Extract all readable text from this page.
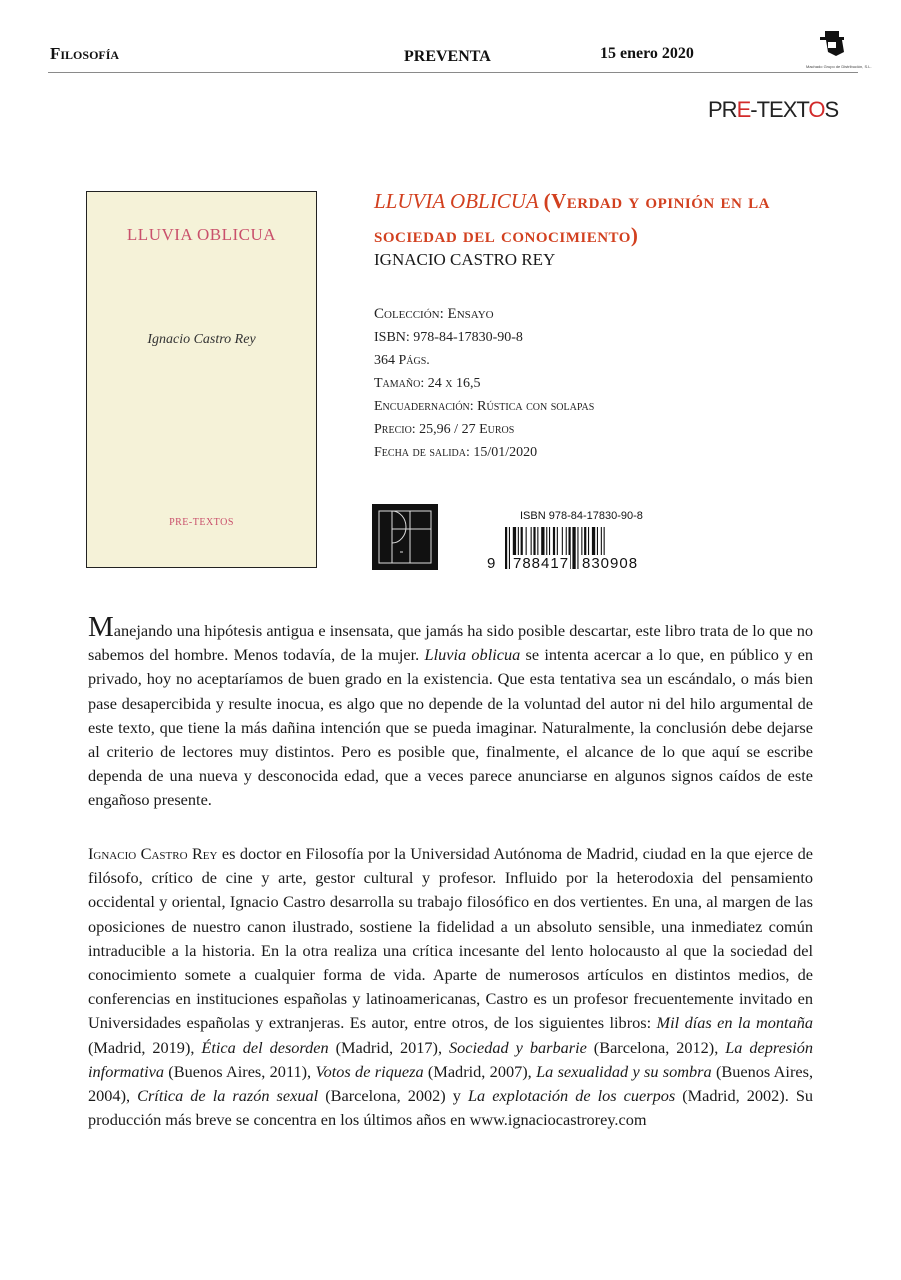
Filosofía	PREVENTA	15 enero 2020
Machado Grupo de Distribución, S.L.
PRE-TEXTOS
LLUVIA OBLICUA
Ignacio Castro Rey
PRE-TEXTOS
LLUVIA OBLICUA (Verdad y opinión en la sociedad del conocimiento)
IGNACIO CASTRO REY
Colección: Ensayo
ISBN: 978-84-17830-90-8
364 Págs.
Tamaño: 24 x 16,5
Encuadernación: Rústica con solapas
Precio: 25,96 / 27 Euros
Fecha de salida: 15/01/2020
ISBN 978-84-17830-90-8
9 788417 830908
Manejando una hipótesis antigua e insensata, que jamás ha sido posible descartar, este libro trata de lo que no sabemos del hombre. Menos todavía, de la mujer. Lluvia oblicua se intenta acercar a lo que, en público y en privado, hoy no aceptaríamos de buen grado en la existencia. Que esta tentativa sea un escándalo, o más bien pase desapercibida y resulte inocua, es algo que no depende de la voluntad del autor ni del hilo argumental de este texto, que tiene la más dañina intención que se pueda imaginar. Naturalmente, la conclusión debe dejarse al criterio de lectores muy distintos. Pero es posible que, finalmente, el alcance de lo que aquí se escribe dependa de una nueva y desconocida edad, que a veces parece anunciarse en algunos signos caídos de este engañoso presente.
Ignacio Castro Rey es doctor en Filosofía por la Universidad Autónoma de Madrid, ciudad en la que ejerce de filósofo, crítico de cine y arte, gestor cultural y profesor. Influido por la heterodoxia del pensamiento occidental y oriental, Ignacio Castro desarrolla su trabajo filosófico en dos vertientes. En una, al margen de las oposiciones de nuestro canon ilustrado, sostiene la fidelidad a un absoluto sensible, una inmediatez común intraducible a la historia. En la otra realiza una crítica incesante del lento holocausto al que la sociedad del conocimiento somete a cualquier forma de vida. Aparte de numerosos artículos en distintos medios, de conferencias en instituciones españolas y latinoamericanas, Castro es un profesor frecuentemente invitado en Universidades españolas y extranjeras. Es autor, entre otros, de los siguientes libros: Mil días en la montaña (Madrid, 2019), Ética del desorden (Madrid, 2017), Sociedad y barbarie (Barcelona, 2012), La depresión informativa (Buenos Aires, 2011), Votos de riqueza (Madrid, 2007), La sexualidad y su sombra (Buenos Aires, 2004), Crítica de la razón sexual (Barcelona, 2002) y La explotación de los cuerpos (Madrid, 2002). Su producción más breve se concentra en los últimos años en www.ignaciocastrorey.com
